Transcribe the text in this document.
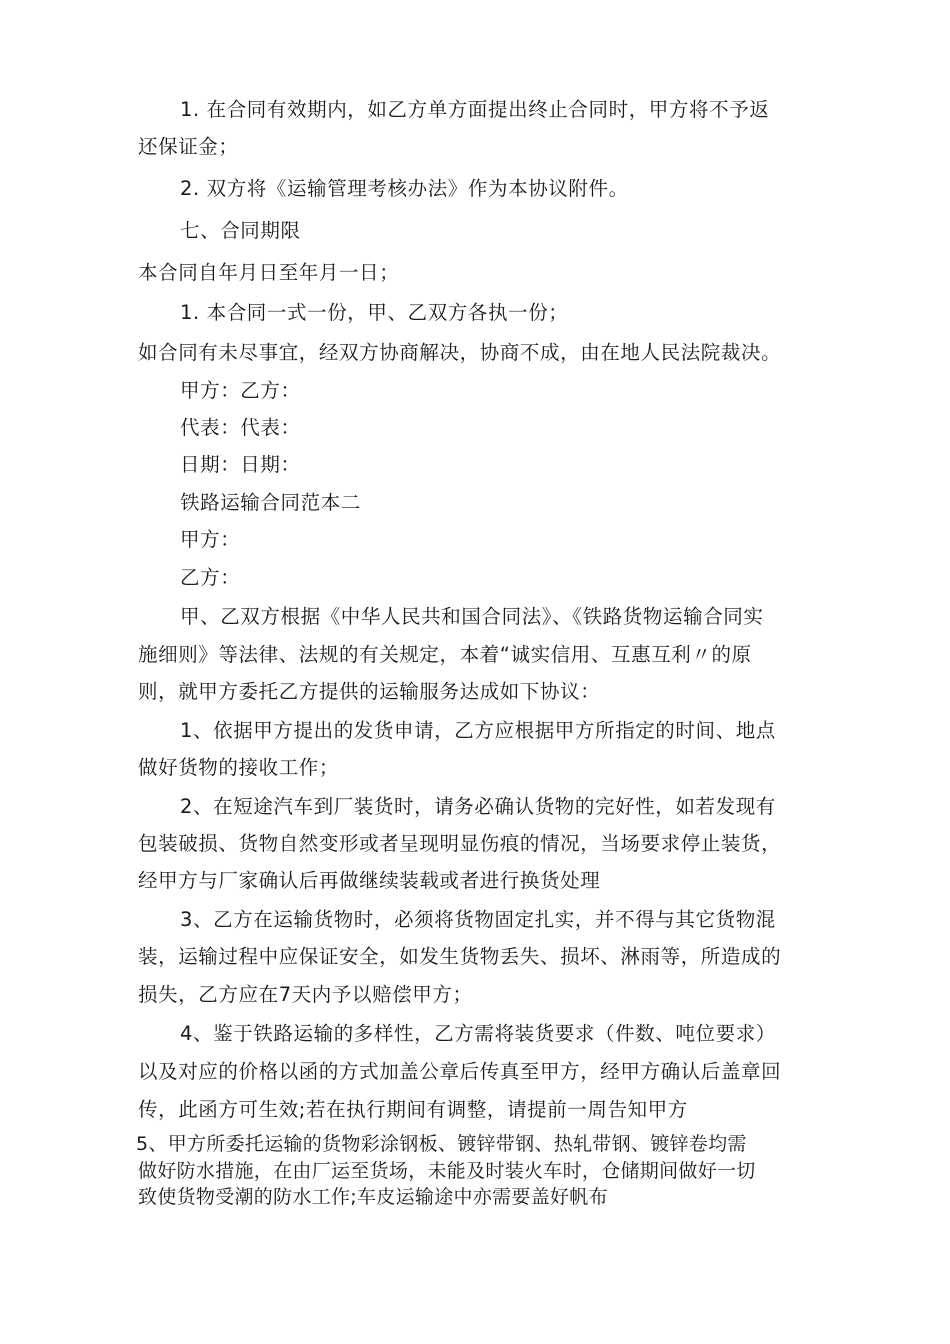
1. 在合同有效期内，如乙方单方面提出终止合同时，甲方将不予返
还保证金；
2. 双方将《运输管理考核办法》作为本协议附件。
七、合同期限
本合同自年月日至年月一日；
1. 本合同一式一份，甲、乙双方各执一份；
如合同有未尽事宜，经双方协商解决，协商不成，由在地人民法院裁决。
甲方：乙方：
代表：代表：
日期：日期：
铁路运输合同范本二
甲方：
乙方：
甲、乙双方根据《中华人民共和国合同法》、《铁路货物运输合同实
施细则》等法律、法规的有关规定，本着“诚实信用、互惠互利〃的原
则，就甲方委托乙方提供的运输服务达成如下协议：
1、依据甲方提出的发货申请，乙方应根据甲方所指定的时间、地点
做好货物的接收工作；
2、在短途汽车到厂装货时，请务必确认货物的完好性，如若发现有
包装破损、货物自然变形或者呈现明显伤痕的情况，当场要求停止装货，
经甲方与厂家确认后再做继续装载或者进行换货处理
3、乙方在运输货物时，必须将货物固定扎实，并不得与其它货物混
装，运输过程中应保证安全，如发生货物丢失、损坏、淋雨等，所造成的
损失，乙方应在7天内予以赔偿甲方；
4、鉴于铁路运输的多样性，乙方需将装货要求（件数、吨位要求）
以及对应的价格以函的方式加盖公章后传真至甲方，经甲方确认后盖章回
传，此函方可生效;若在执行期间有调整，请提前一周告知甲方
5、甲方所委托运输的货物彩涂钢板、镀锌带钢、热轧带钢、镀锌卷均需
做好防水措施，在由厂运至货场，未能及时装火车时，仓储期间做好一切
致使货物受潮的防水工作;车皮运输途中亦需要盖好帆布
